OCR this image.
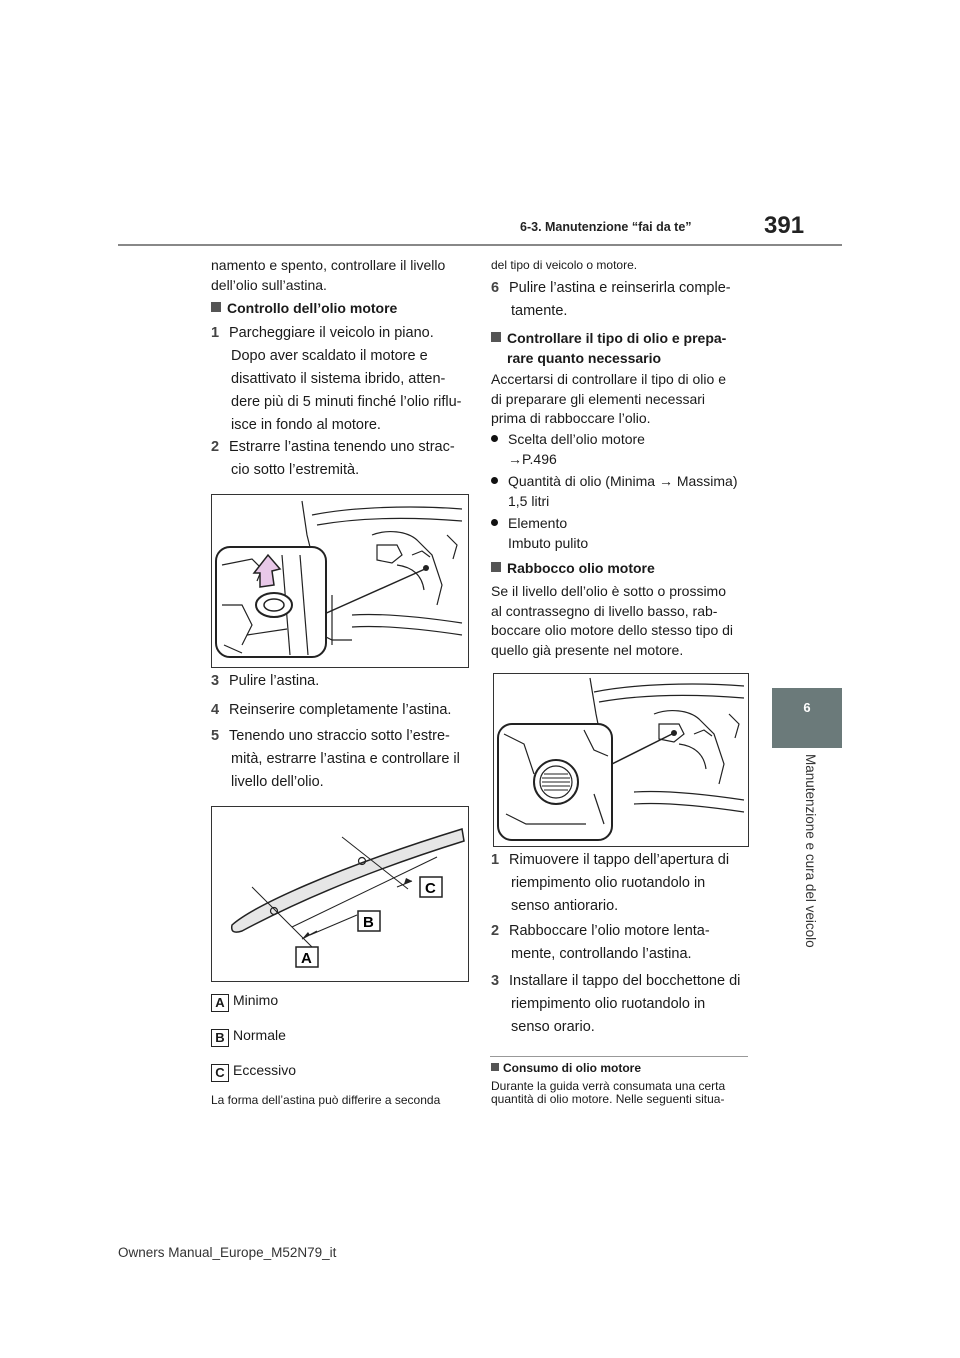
6-3. Manutenzione “fai da te”	391
6
Manutenzione e cura del veicolo
namento e spento, controllare il livello
dell’olio sull’astina.
Controllo dell’olio motore
1 Parcheggiare il veicolo in piano.
Dopo aver scaldato il motore e
disattivato il sistema ibrido, atten-
dere più di 5 minuti finché l’olio riflu-
isce in fondo al motore.
2 Estrarre l’astina tenendo uno strac-
cio sotto l’estremità.
3 Pulire l’astina.
4 Reinserire completamente l’astina.
5 Tenendo uno straccio sotto l’estre-
mità, estrarre l’astina e controllare il
livello dell’olio.
A
B
C
A Minimo
B Normale
C Eccessivo
La forma dell’astina può differire a seconda
del tipo di veicolo o motore.
6 Pulire l’astina e reinserirla comple-
tamente.
Controllare il tipo di olio e prepa-
rare quanto necessario
Accertarsi di controllare il tipo di olio e
di preparare gli elementi necessari
prima di rabboccare l’olio.
Scelta dell’olio motore
→P.496
Quantità di olio (Minima → Massima)
1,5 litri
Elemento
Imbuto pulito
Rabbocco olio motore
Se il livello dell’olio è sotto o prossimo
al contrassegno di livello basso, rab-
boccare olio motore dello stesso tipo di
quello già presente nel motore.
1 Rimuovere il tappo dell’apertura di
riempimento olio ruotandolo in
senso antiorario.
2 Rabboccare l’olio motore lenta-
mente, controllando l’astina.
3 Installare il tappo del bocchettone di
riempimento olio ruotandolo in
senso orario.
Consumo di olio motore
Durante la guida verrà consumata una certa
quantità di olio motore. Nelle seguenti situa-
Owners Manual_Europe_M52N79_it
